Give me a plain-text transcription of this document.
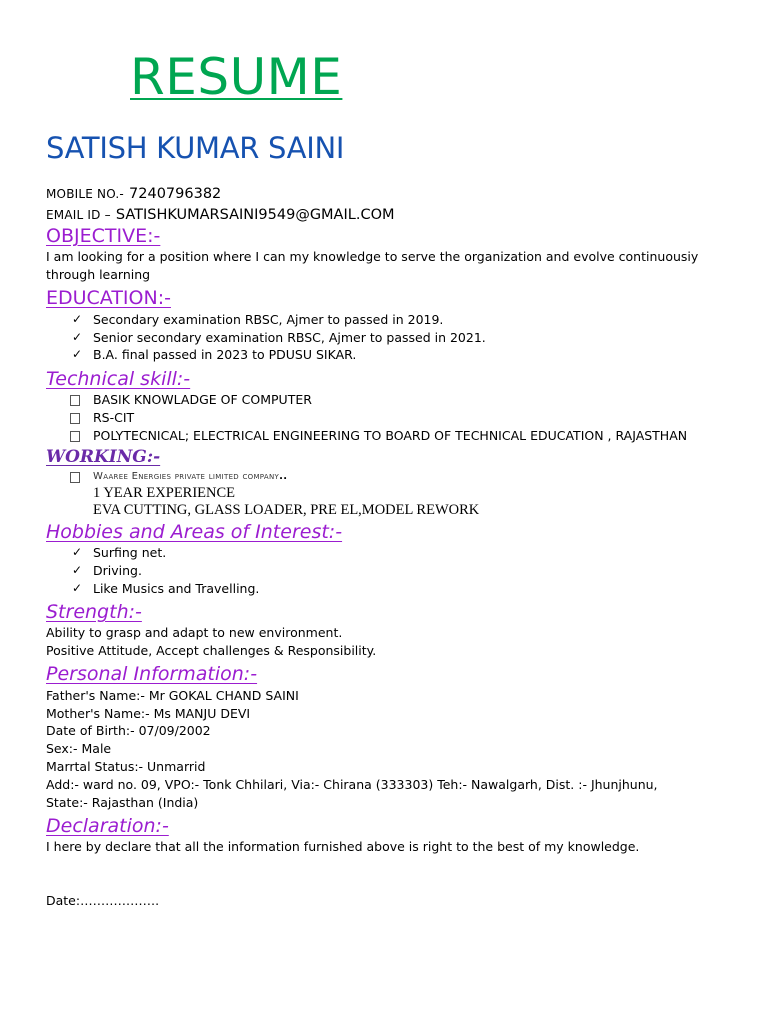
RESUME
SATISH KUMAR SAINI
MOBILE NO.- 7240796382
EMAIL ID – SATISHKUMARSAINI9549@GMAIL.COM
OBJECTIVE:-
I am looking for a position where I can my knowledge to serve the organization and evolve continuousiy
through learning
EDUCATION:-
✓ Secondary examination RBSC, Ajmer to passed in 2019.
✓ Senior secondary examination RBSC, Ajmer to passed in 2021.
✓ B.A. final passed in 2023 to PDUSU SIKAR.
Technical skill:-
BASIK KNOWLADGE OF COMPUTER
RS-CIT
POLYTECNICAL; ELECTRICAL ENGINEERING TO BOARD OF TECHNICAL EDUCATION , RAJASTHAN
WORKING:-
Waaree Energies private limited company..
1 YEAR EXPERIENCE
EVA CUTTING, GLASS LOADER, PRE EL,MODEL REWORK
Hobbies and Areas of Interest:-
✓ Surfing net.
✓ Driving.
✓ Like Musics and Travelling.
Strength:-
Ability to grasp and adapt to new environment.
Positive Attitude, Accept challenges & Responsibility.
Personal Information:-
Father's Name:- Mr GOKAL CHAND SAINI
Mother's Name:- Ms MANJU DEVI
Date of Birth:- 07/09/2002
Sex:- Male
Marrtal Status:- Unmarrid
Add:- ward no. 09, VPO:- Tonk Chhilari, Via:- Chirana (333303) Teh:- Nawalgarh, Dist. :- Jhunjhunu,
State:- Rajasthan (India)
Declaration:-
I here by declare that all the information furnished above is right to the best of my knowledge.
Date:……………….
